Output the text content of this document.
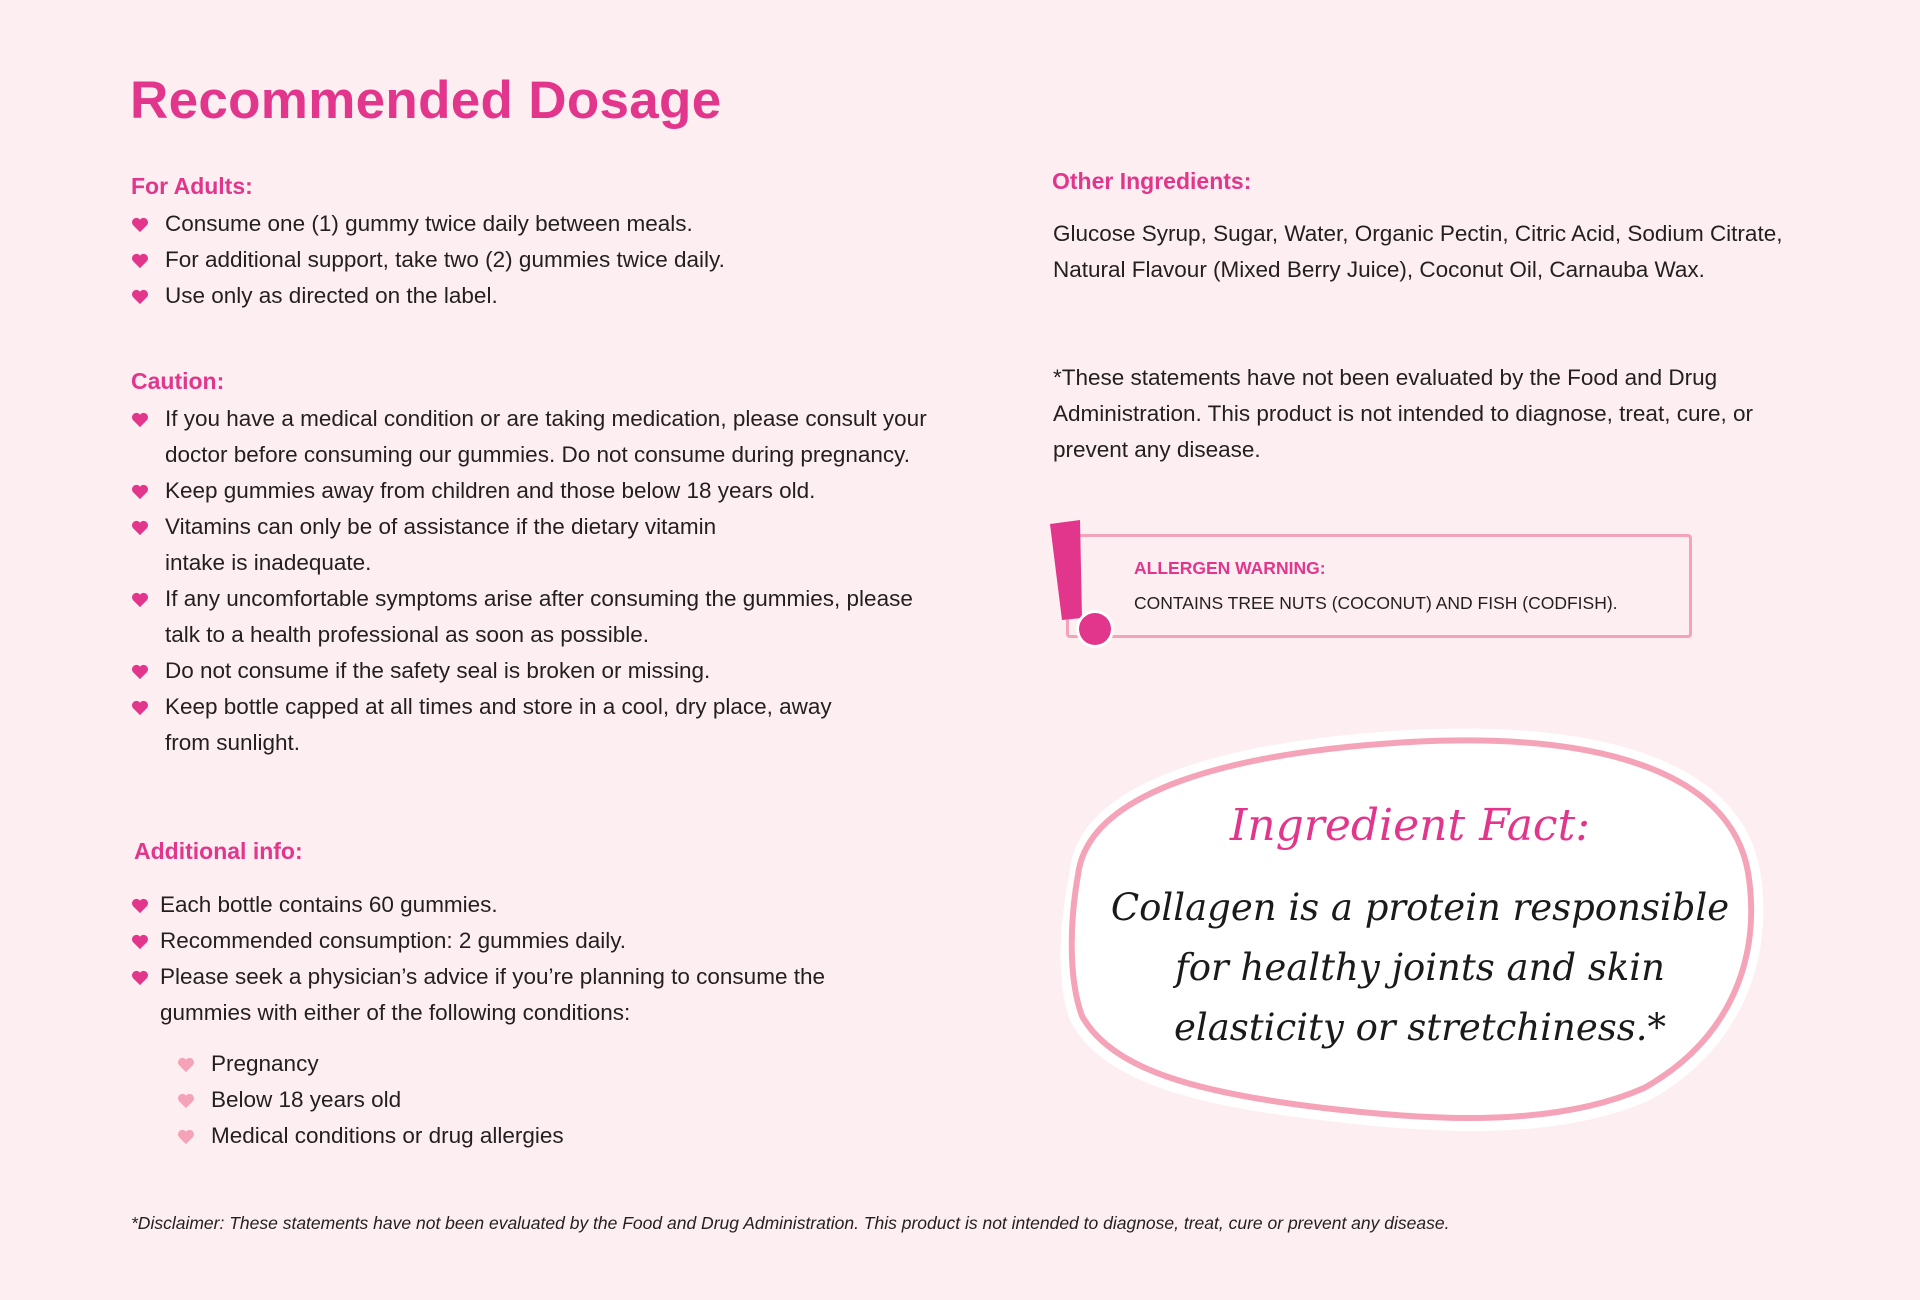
Recommended Dosage
For Adults:
Consume one (1) gummy twice daily between meals.
For additional support, take two (2) gummies twice daily.
Use only as directed on the label.
Caution:
If you have a medical condition or are taking medication, please consult your doctor before consuming our gummies. Do not consume during pregnancy.
Keep gummies away from children and those below 18 years old.
Vitamins can only be of assistance if the dietary vitamin intake is inadequate.
If any uncomfortable symptoms arise after consuming the gummies, please talk to a health professional as soon as possible.
Do not consume if the safety seal is broken or missing.
Keep bottle capped at all times and store in a cool, dry place, away from sunlight.
Additional info:
Each bottle contains 60 gummies.
Recommended consumption: 2 gummies daily.
Please seek a physician’s advice if you’re planning to consume the gummies with either of the following conditions:
Pregnancy
Below 18 years old
Medical conditions or drug allergies
Other Ingredients:

Glucose Syrup, Sugar, Water, Organic Pectin, Citric Acid, Sodium Citrate, Natural Flavour (Mixed Berry Juice), Coconut Oil, Carnauba Wax.

*These statements have not been evaluated by the Food and Drug Administration. This product is not intended to diagnose, treat, cure, or prevent any disease.

ALLERGEN WARNING:
CONTAINS TREE NUTS (COCONUT) AND FISH (CODFISH).
Ingredient Fact:
Collagen is a protein responsible
for healthy joints and skin
elasticity or stretchiness.*
*Disclaimer: These statements have not been evaluated by the Food and Drug Administration. This product is not intended to diagnose, treat, cure or prevent any disease.
